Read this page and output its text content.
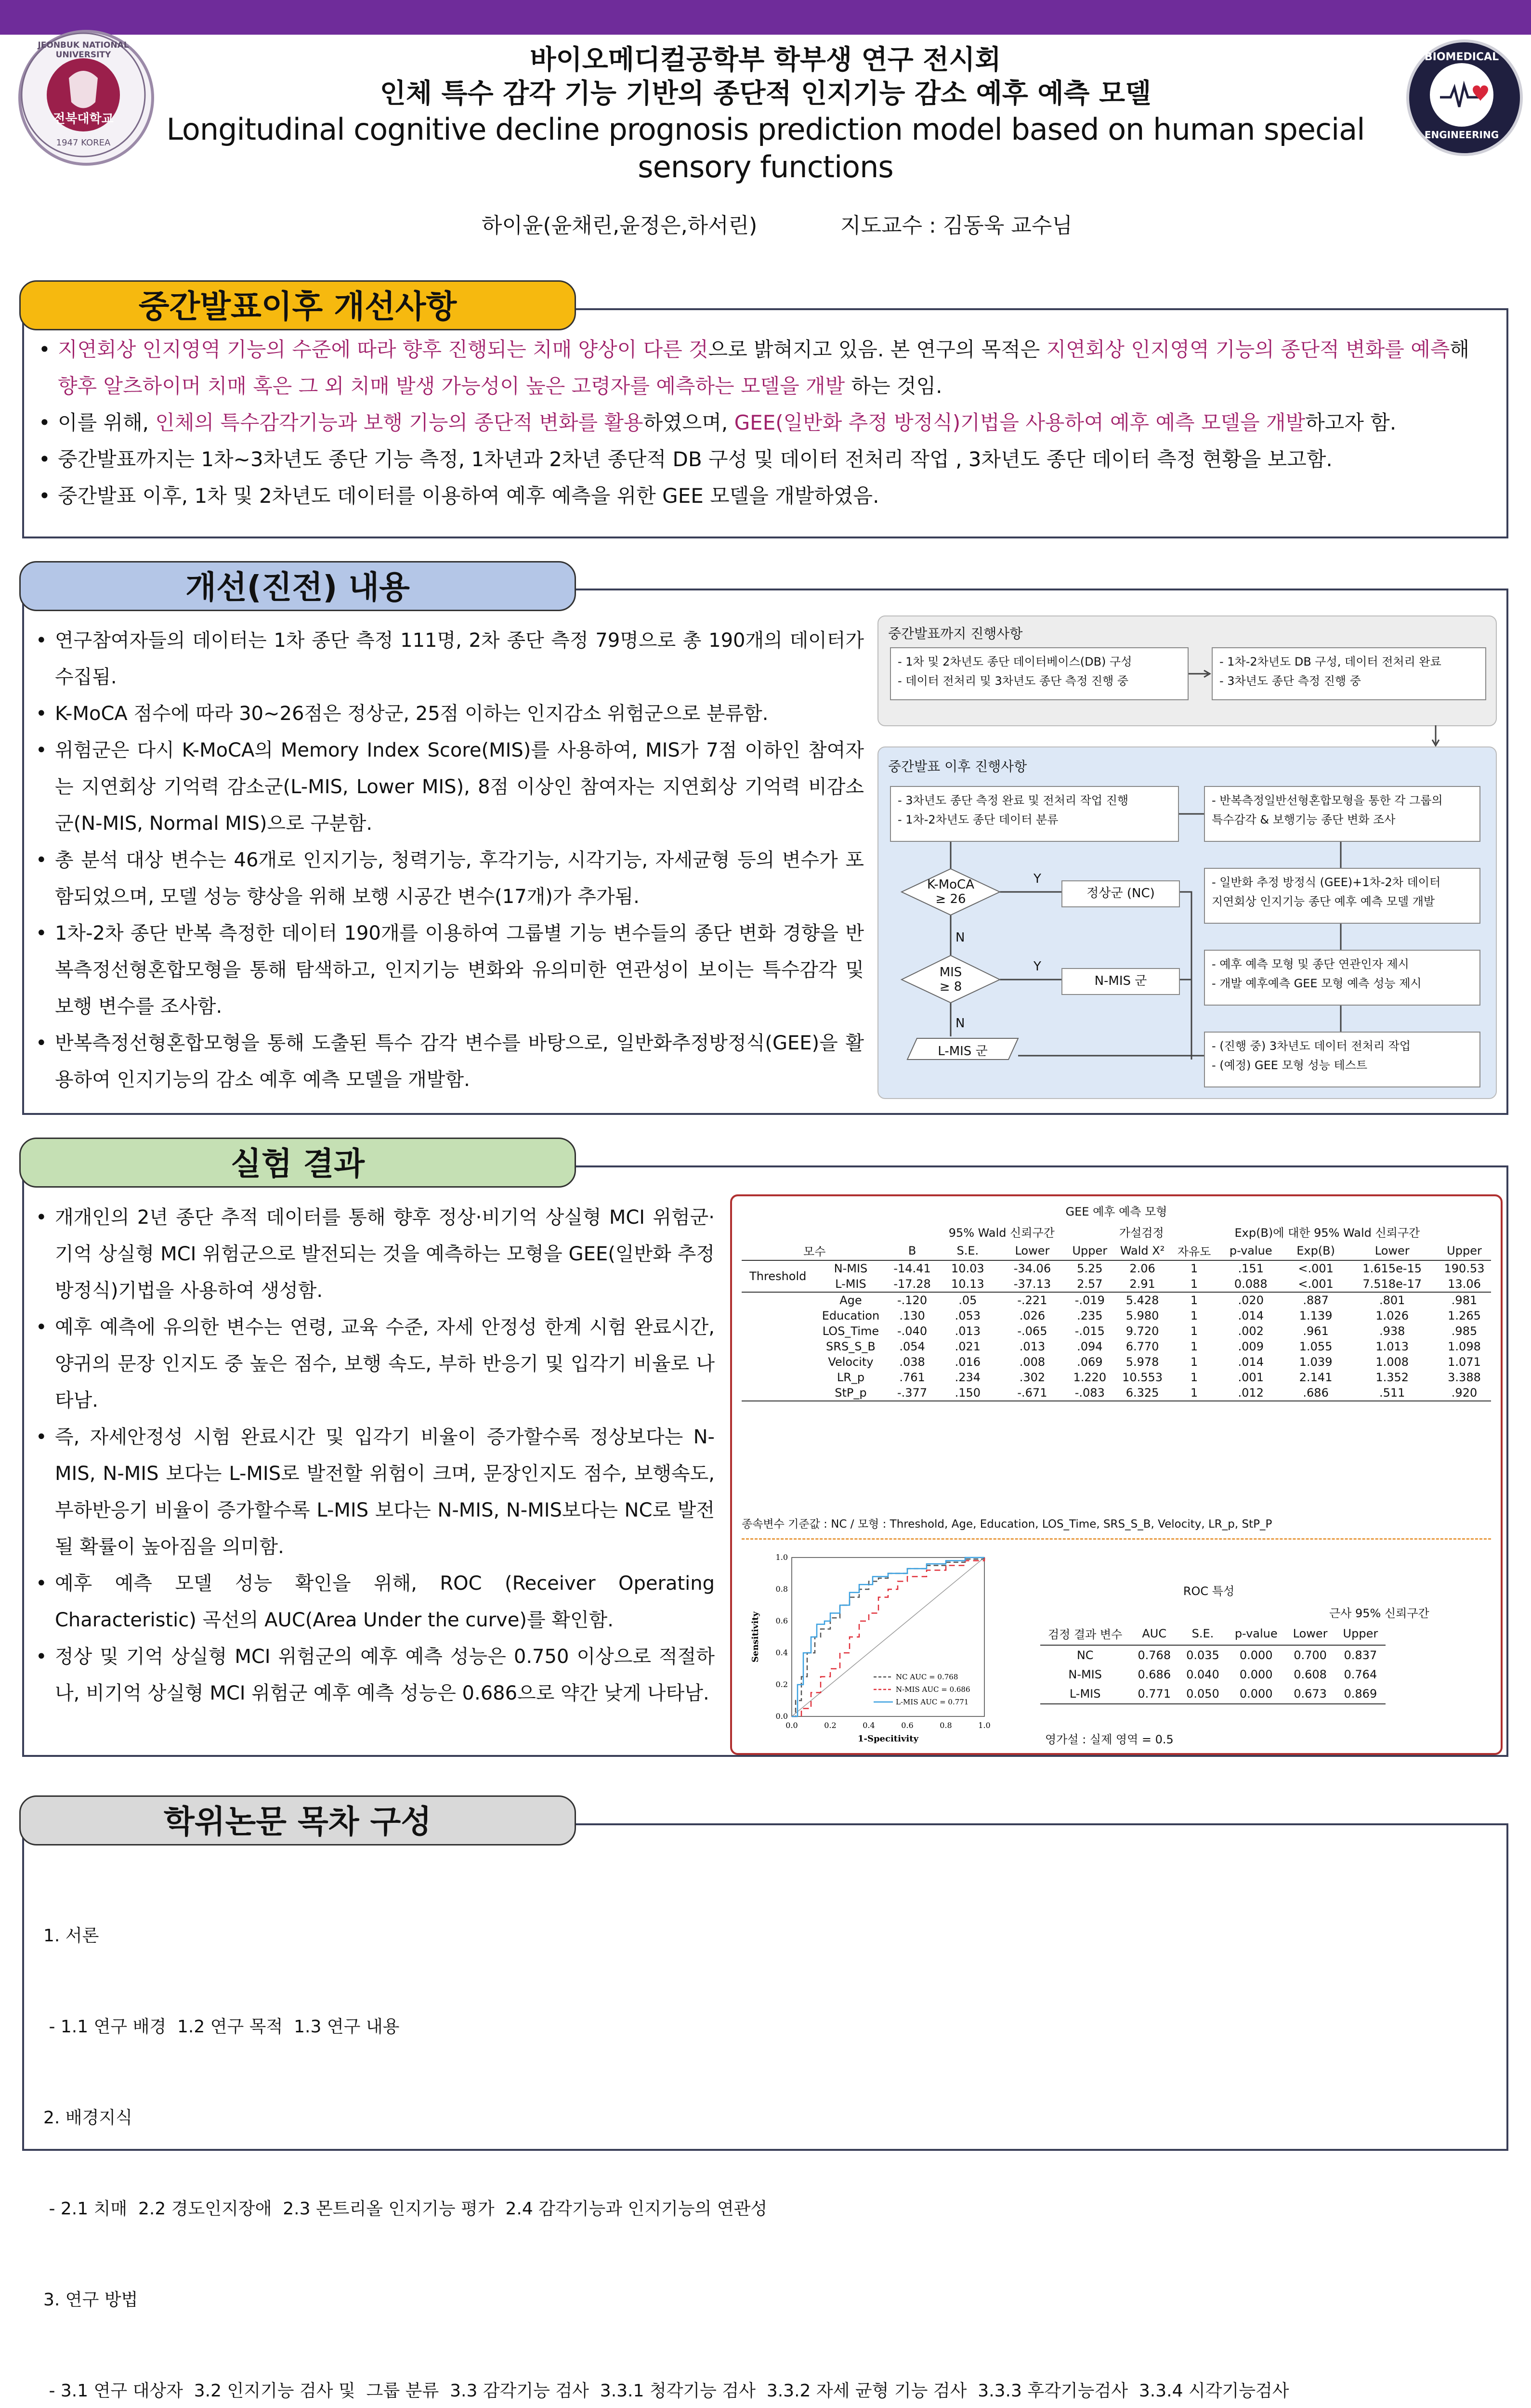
JEONBUK NATIONAL UNIVERSITY
전북대학교
1947 KOREA
BIOMEDICAL
ENGINEERING
바이오메디컬공학부 학부생 연구 전시회
인체 특수 감각 기능 기반의 종단적 인지기능 감소 예후 예측 모델
Longitudinal cognitive decline prognosis prediction model based on human special
sensory functions
하이윤(윤채린,윤정은,하서린)	지도교수 : 김동욱 교수님
• 지연회상 인지영역 기능의 수준에 따라 향후 진행되는 치매 양상이 다른 것으로 밝혀지고 있음. 본 연구의 목적은 지연회상 인지영역 기능의 종단적 변화를 예측해 향후 알츠하이머 치매 혹은 그 외 치매 발생 가능성이 높은 고령자를 예측하는 모델을 개발 하는 것임.
• 이를 위해, 인체의 특수감각기능과 보행 기능의 종단적 변화를 활용하였으며, GEE(일반화 추정 방정식)기법을 사용하여 예후 예측 모델을 개발하고자 함.
• 중간발표까지는 1차~3차년도 종단 기능 측정, 1차년과 2차년 종단적 DB 구성 및 데이터 전처리 작업 , 3차년도 종단 데이터 측정 현황을 보고함.
• 중간발표 이후, 1차 및 2차년도 데이터를 이용하여 예후 예측을 위한 GEE 모델을 개발하였음.
중간발표이후 개선사항
• 연구참여자들의 데이터는 1차 종단 측정 111명, 2차 종단 측정 79명으로 총 190개의 데이터가 수집됨.
• K-MoCA 점수에 따라 30~26점은 정상군, 25점 이하는 인지감소 위험군으로 분류함.
• 위험군은 다시 K-MoCA의 Memory Index Score(MIS)를 사용하여, MIS가 7점 이하인 참여자는 지연회상 기억력 감소군(L-MIS, Lower MIS), 8점 이상인 참여자는 지연회상 기억력 비감소군(N-MIS, Normal MIS)으로 구분함.
• 총 분석 대상 변수는 46개로 인지기능, 청력기능, 후각기능, 시각기능, 자세균형 등의 변수가 포함되었으며, 모델 성능 향상을 위해 보행 시공간 변수(17개)가 추가됨.
• 1차-2차 종단 반복 측정한 데이터 190개를 이용하여 그룹별 기능 변수들의 종단 변화 경향을 반복측정선형혼합모형을 통해 탐색하고, 인지기능 변화와 유의미한 연관성이 보이는 특수감각 및 보행 변수를 조사함.
• 반복측정선형혼합모형을 통해 도출된 특수 감각 변수를 바탕으로, 일반화추정방정식(GEE)을 활용하여 인지기능의 감소 예후 예측 모델을 개발함.
중간발표까지 진행사항
- 1차 및 2차년도 종단 데이터베이스(DB) 구성
- 데이터 전처리 및 3차년도 종단 측정 진행 중
- 1차-2차년도 DB 구성, 데이터 전처리 완료
- 3차년도 종단 측정 진행 중
중간발표 이후 진행사항
- 3차년도 종단 측정 완료 및 전처리 작업 진행
- 1차-2차년도 종단 데이터 분류
- 반복측정일반선형혼합모형을 통한 각 그룹의
특수감각 & 보행기능 종단 변화 조사
- 일반화 추정 방정식 (GEE)+1차-2차 데이터
지연회상 인지기능 종단 예후 예측 모델 개발
- 예후 예측 모형 및 종단 연관인자 제시
- 개발 예후예측 GEE 모형 예측 성능 제시
- (진행 중) 3차년도 데이터 전처리 작업
- (예정) GEE 모형 성능 테스트
K-MoCA
≥ 26
MIS
≥ 8
Y
Y
N
N
정상군 (NC)
N-MIS 군
L-MIS 군
개선(진전) 내용
• 개개인의 2년 종단 추적 데이터를 통해 향후 정상·비기억 상실형 MCI 위험군·기억 상실형 MCI 위험군으로 발전되는 것을 예측하는 모형을 GEE(일반화 추정 방정식)기법을 사용하여 생성함.
• 예후 예측에 유의한 변수는 연령, 교육 수준, 자세 안정성 한계 시험 완료시간, 양귀의 문장 인지도 중 높은 점수, 보행 속도, 부하 반응기 및 입각기 비율로 나타남.
• 즉, 자세안정성 시험 완료시간 및 입각기 비율이 증가할수록 정상보다는 N-MIS, N-MIS 보다는 L-MIS로 발전할 위험이 크며, 문장인지도 점수, 보행속도, 부하반응기 비율이 증가할수록 L-MIS 보다는 N-MIS, N-MIS보다는 NC로 발전될 확률이 높아짐을 의미함.
• 예후 예측 모델 성능 확인을 위해, ROC (Receiver Operating Characteristic) 곡선의 AUC(Area Under the curve)를 확인함.
• 정상 및 기억 상실형 MCI 위험군의 예후 예측 성능은 0.750 이상으로 적절하나, 비기억 상실형 MCI 위험군 예후 예측 성능은 0.686으로 약간 낮게 나타남.
GEE 예후 예측 모형
			95% Wald 신뢰구간		가설검정			Exp(B)에 대한 95% Wald 신뢰구간			
모수		B	S.E.	Lower	Upper	Wald X²	자유도	p-value	Exp(B)	Lower	Upper
Threshold	N-MIS	-14.41	10.03	-34.06	5.25	2.06	1	.151	<.001	1.615e-15	190.53
	L-MIS	-17.28	10.13	-37.13	2.57	2.91	1	0.088	<.001	7.518e-17	13.06
	Age	-.120	.05	-.221	-.019	5.428	1	.020	.887	.801	.981
	Education	.130	.053	.026	.235	5.980	1	.014	1.139	1.026	1.265
	LOS_Time	-.040	.013	-.065	-.015	9.720	1	.002	.961	.938	.985
	SRS_S_B	.054	.021	.013	.094	6.770	1	.009	1.055	1.013	1.098
	Velocity	.038	.016	.008	.069	5.978	1	.014	1.039	1.008	1.071
	LR_p	.761	.234	.302	1.220	10.553	1	.001	2.141	1.352	3.388
	StP_p	-.377	.150	-.671	-.083	6.325	1	.012	.686	.511	.920
종속변수 기준값 : NC / 모형 : Threshold, Age, Education, LOS_Time, SRS_S_B, Velocity, LR_p, StP_P
0.0	0.2	0.4	0.6	0.8	1.0
0.0
0.2
0.4
0.6
0.8
1.0
1-Specitivity
Sensitivity
NC AUC = 0.768
N-MIS AUC = 0.686
L-MIS AUC = 0.771
ROC 특성
근사 95% 신뢰구간
검정 결과 변수	AUC	S.E.	p-value	Lower	Upper
NC	0.768	0.035	0.000	0.700	0.837
N-MIS	0.686	0.040	0.000	0.608	0.764
L-MIS	0.771	0.050	0.000	0.673	0.869
영가설 : 실제 영역 = 0.5
실험 결과

1. 서론

- 1.1 연구 배경  1.2 연구 목적  1.3 연구 내용

2. 배경지식

- 2.1 치매  2.2 경도인지장애  2.3 몬트리올 인지기능 평가  2.4 감각기능과 인지기능의 연관성

3. 연구 방법

- 3.1 연구 대상자  3.2 인지기능 검사 및  그룹 분류  3.3 감각기능 검사  3.3.1 청각기능 검사  3.3.2 자세 균형 기능 검사  3.3.3 후각기능검사  3.3.4 시각기능검사

학위논문 목차 구성
